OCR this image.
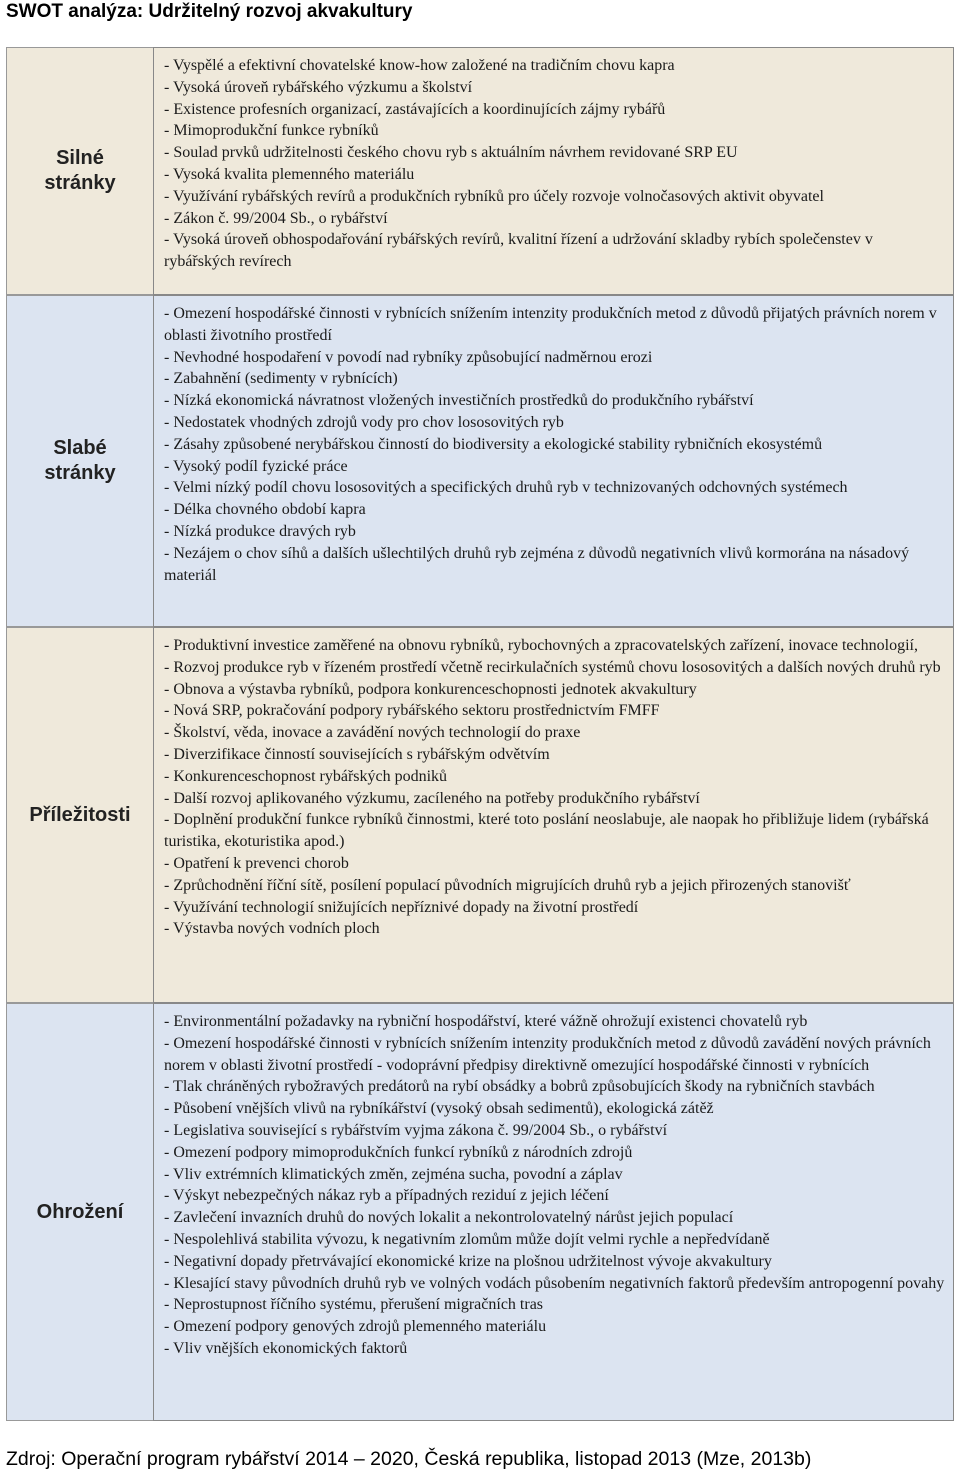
SWOT analýza: Udržitelný rozvoj akvakultury
Silné
stránky
- Vyspělé a efektivní chovatelské know-how založené na tradičním chovu kapra
- Vysoká úroveň rybářského výzkumu a školství
- Existence profesních organizací, zastávajících a koordinujících zájmy rybářů
- Mimoprodukční funkce rybníků
- Soulad prvků udržitelnosti českého chovu ryb s aktuálním návrhem revidované SRP EU
- Vysoká kvalita plemenného materiálu
- Využívání rybářských revírů a produkčních rybníků pro účely rozvoje volnočasových aktivit obyvatel
- Zákon č. 99/2004 Sb., o rybářství
- Vysoká úroveň obhospodařování rybářských revírů, kvalitní řízení a udržování skladby rybích společenstev v rybářských revírech
Slabé
stránky
- Omezení hospodářské činnosti v rybnících snížením intenzity produkčních metod z důvodů přijatých právních norem v oblasti životního prostředí
- Nevhodné hospodaření v povodí nad rybníky způsobující nadměrnou erozi
- Zabahnění (sedimenty v rybnících)
- Nízká ekonomická návratnost vložených investičních prostředků do produkčního rybářství
- Nedostatek vhodných zdrojů vody pro chov lososovitých ryb
- Zásahy způsobené nerybářskou činností do biodiversity a ekologické stability rybničních ekosystémů
- Vysoký podíl fyzické práce
- Velmi nízký podíl chovu lososovitých a specifických druhů ryb v technizovaných odchovných systémech
- Délka chovného období kapra
- Nízká produkce dravých ryb
- Nezájem o chov síhů a dalších ušlechtilých druhů ryb zejména z důvodů negativních vlivů kormorána na násadový materiál
Příležitosti
- Produktivní investice zaměřené na obnovu rybníků, rybochovných a zpracovatelských zařízení, inovace technologií,
- Rozvoj produkce ryb v řízeném prostředí včetně recirkulačních systémů chovu lososovitých a dalších nových druhů ryb
- Obnova a výstavba rybníků, podpora konkurenceschopnosti jednotek akvakultury
- Nová SRP, pokračování podpory rybářského sektoru prostřednictvím FMFF
- Školství, věda, inovace a zavádění nových technologií do praxe
- Diverzifikace činností souvisejících s rybářským odvětvím
- Konkurenceschopnost rybářských podniků
- Další rozvoj aplikovaného výzkumu, zacíleného na potřeby produkčního rybářství
- Doplnění produkční funkce rybníků činnostmi, které toto poslání neoslabuje, ale naopak ho přibližuje lidem (rybářská turistika, ekoturistika apod.)
- Opatření k prevenci chorob
- Zprůchodnění říční sítě, posílení populací původních migrujících druhů ryb a jejich přirozených stanovišť
- Využívání technologií snižujících nepříznivé dopady na životní prostředí
- Výstavba nových vodních ploch
Ohrožení
- Environmentální požadavky na rybniční hospodářství, které vážně ohrožují existenci chovatelů ryb
- Omezení hospodářské činnosti v rybnících snížením intenzity produkčních metod z důvodů zavádění nových právních norem v oblasti životní prostředí - vodoprávní předpisy direktivně omezující hospodářské činnosti v rybnících
- Tlak chráněných rybožravých predátorů na rybí obsádky a bobrů způsobujících škody na rybničních stavbách
- Působení vnějších vlivů na rybníkářství (vysoký obsah sedimentů), ekologická zátěž
- Legislativa související s rybářstvím vyjma zákona č. 99/2004 Sb., o rybářství
- Omezení podpory mimoprodukčních funkcí rybníků z národních zdrojů
- Vliv extrémních klimatických změn, zejména sucha, povodní a záplav
- Výskyt nebezpečných nákaz ryb a případných reziduí z jejich léčení
- Zavlečení invazních druhů do nových lokalit a nekontrolovatelný nárůst jejich populací
- Nespolehlivá stabilita vývozu, k negativním zlomům může dojít velmi rychle a nepředvídaně
- Negativní dopady přetrvávající ekonomické krize na plošnou udržitelnost vývoje akvakultury
- Klesající stavy původních druhů ryb ve volných vodách působením negativních faktorů především antropogenní povahy
- Neprostupnost říčního systému, přerušení migračních tras
- Omezení podpory genových zdrojů plemenného materiálu
- Vliv vnějších ekonomických faktorů
Zdroj: Operační program rybářství 2014 – 2020, Česká republika, listopad 2013 (Mze, 2013b)
